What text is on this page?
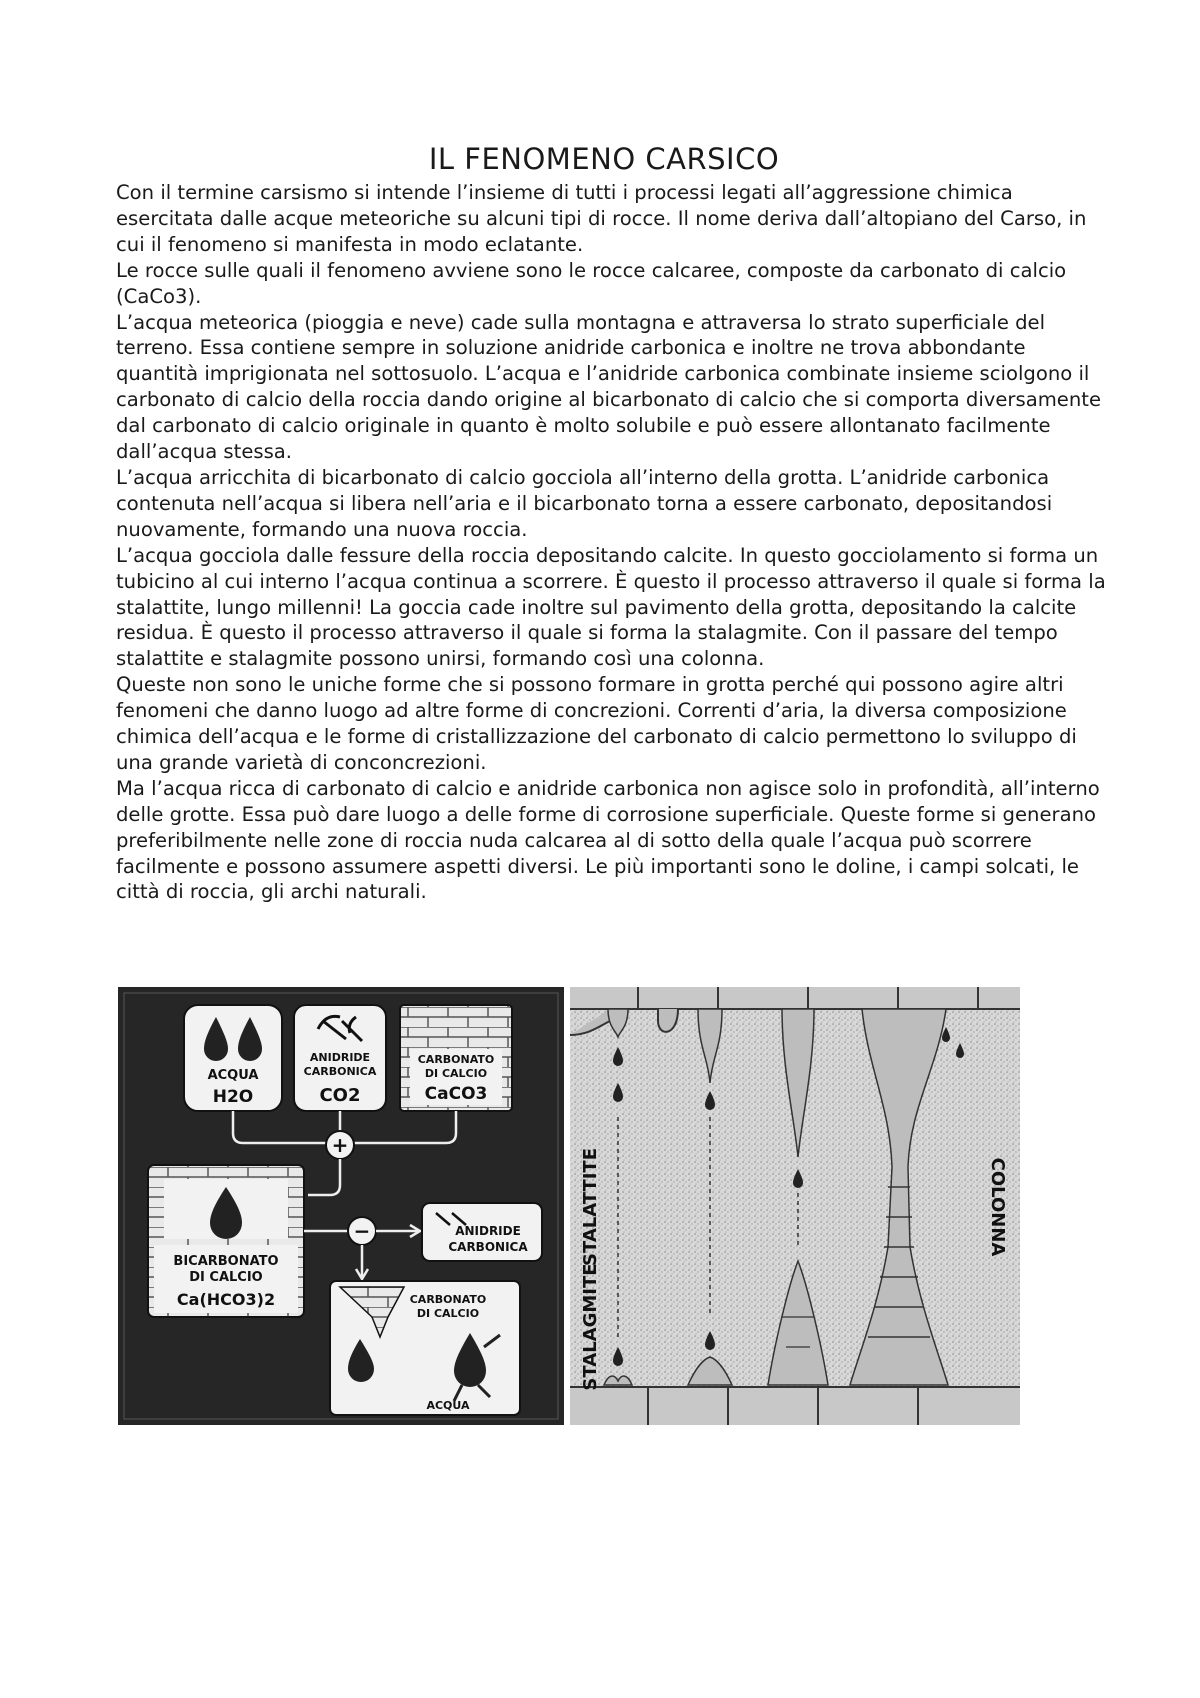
IL FENOMENO CARSICO

Con il termine carsismo si intende l’insieme di tutti i processi legati all’aggressione chimica esercitata dalle acque meteoriche su alcuni tipi di rocce. Il nome deriva dall’altopiano del Carso, in cui il fenomeno si manifesta in modo eclatante.

Le rocce sulle quali il fenomeno avviene sono le rocce calcaree, composte da carbonato di calcio (CaCo3).

L’acqua meteorica (pioggia e neve) cade sulla montagna e attraversa lo strato superficiale del terreno. Essa contiene sempre in soluzione anidride carbonica e inoltre ne trova abbondante quantità imprigionata nel sottosuolo. L’acqua e l’anidride carbonica combinate insieme sciolgono il carbonato di calcio della roccia dando origine al bicarbonato di calcio che si comporta diversamente dal carbonato di calcio originale in quanto è molto solubile e può essere allontanato facilmente dall’acqua stessa.

L’acqua arricchita di bicarbonato di calcio gocciola all’interno della grotta. L’anidride carbonica contenuta nell’acqua si libera nell’aria e il bicarbonato torna a essere carbonato, depositandosi nuovamente, formando una nuova roccia.

L’acqua gocciola dalle fessure della roccia depositando calcite. In questo gocciolamento si forma un tubicino al cui interno l’acqua continua a scorrere. È questo il processo attraverso il quale si forma la stalattite, lungo millenni! La goccia cade inoltre sul pavimento della grotta, depositando la calcite residua. È questo il processo attraverso il quale si forma la stalagmite. Con il passare del tempo stalattite e stalagmite possono unirsi, formando così una colonna.

Queste non sono le uniche forme che si possono formare in grotta perché qui possono agire altri fenomeni che danno luogo ad altre forme di concrezioni. Correnti d’aria, la diversa composizione chimica dell’acqua e le forme di cristallizzazione del carbonato di calcio permettono lo sviluppo di una grande varietà di conconcrezioni.

Ma l’acqua ricca di carbonato di calcio e anidride carbonica non agisce solo in profondità, all’interno delle grotte. Essa può dare luogo a delle forme di corrosione superficiale. Queste forme si generano preferibilmente nelle zone di roccia nuda calcarea al di sotto della quale l’acqua può scorrere facilmente e possono assumere aspetti diversi. Le più importanti sono le doline, i campi solcati, le città di roccia, gli archi naturali.

ACQUA
H2O
ANIDRIDE
CARBONICA
CO2
CARBONATO
DI CALCIO
CaCO3
+
BICARBONATO
DI CALCIO
Ca(HCO3)2
−	ANIDRIDE
CARBONICA
CARBONATO
DI CALCIO
ACQUA
STALATTITE
STALAGMITE
COLONNA
